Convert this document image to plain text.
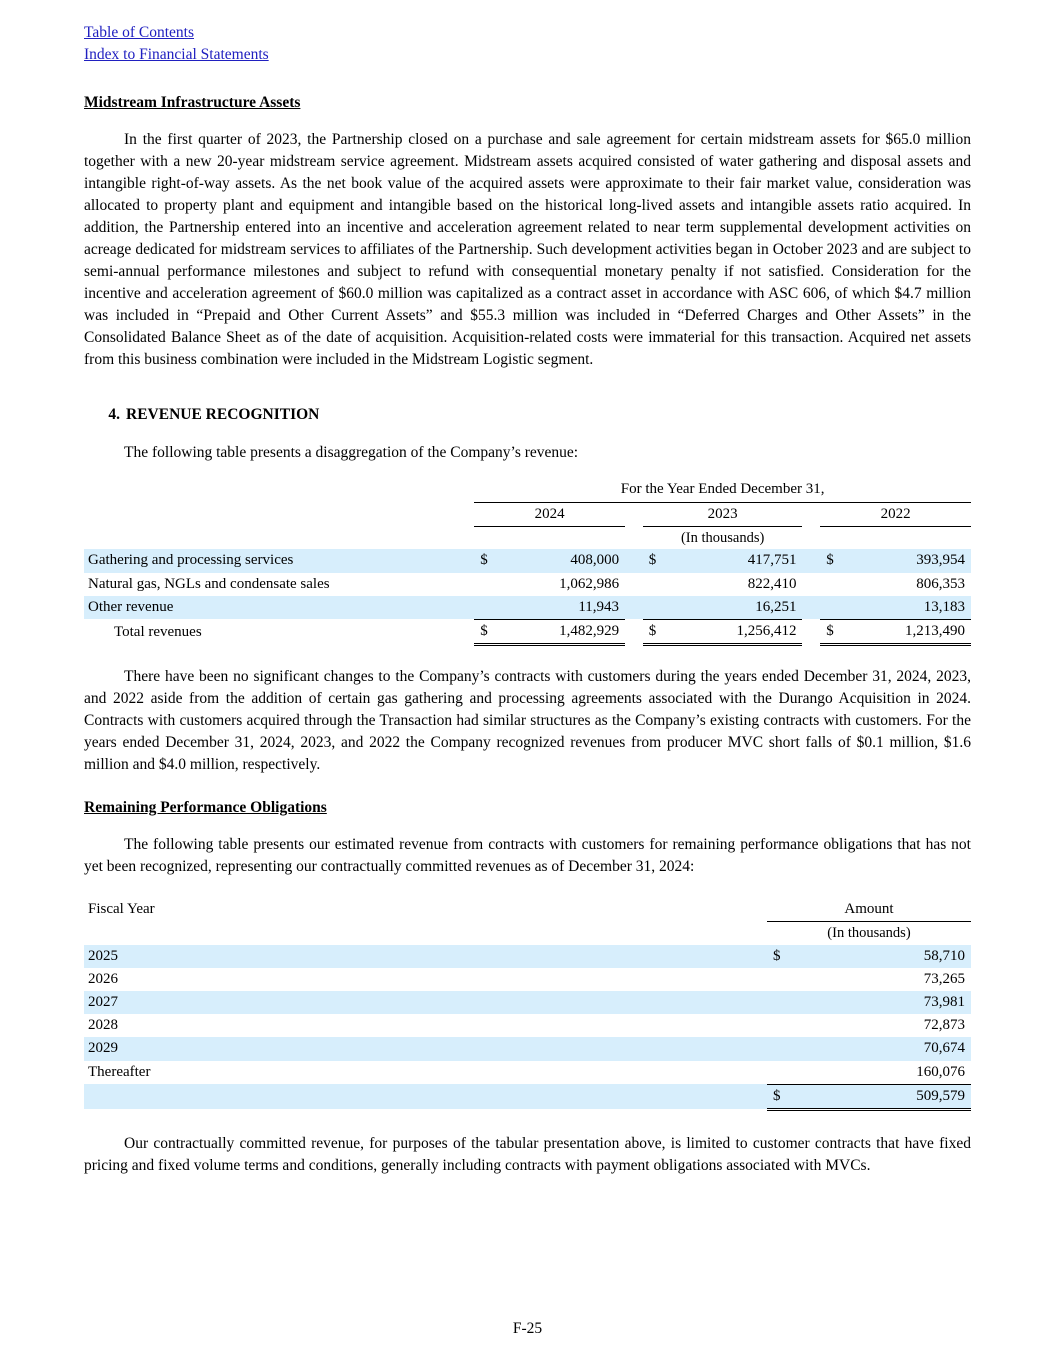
Table of Contents
Index to Financial Statements
Midstream Infrastructure Assets

In the first quarter of 2023, the Partnership closed on a purchase and sale agreement for certain midstream assets for $65.0 million together with a new 20-year midstream service agreement. Midstream assets acquired consisted of water gathering and disposal assets and intangible right-of-way assets. As the net book value of the acquired assets were approximate to their fair market value, consideration was allocated to property plant and equipment and intangible based on the historical long-lived assets and intangible assets ratio acquired. In addition, the Partnership entered into an incentive and acceleration agreement related to near term supplemental development activities on acreage dedicated for midstream services to affiliates of the Partnership. Such development activities began in October 2023 and are subject to semi-annual performance milestones and subject to refund with consequential monetary penalty if not satisfied. Consideration for the incentive and acceleration agreement of $60.0 million was capitalized as a contract asset in accordance with ASC 606, of which $4.7 million was included in “Prepaid and Other Current Assets” and $55.3 million was included in “Deferred Charges and Other Assets” in the Consolidated Balance Sheet as of the date of acquisition. Acquisition-related costs were immaterial for this transaction. Acquired net assets from this business combination were included in the Midstream Logistic segment.

4. REVENUE RECOGNITION

The following table presents a disaggregation of the Company’s revenue:

	For the Year Ended December 31,							
	2024			2023			2022	
	(In thousands)							
Gathering and processing services	$	408,000		$	417,751		$	393,954
Natural gas, NGLs and condensate sales		1,062,986			822,410			806,353
Other revenue		11,943			16,251			13,183
Total revenues	$	1,482,929		$	1,256,412		$	1,213,490

There have been no significant changes to the Company’s contracts with customers during the years ended December 31, 2024, 2023, and 2022 aside from the addition of certain gas gathering and processing agreements associated with the Durango Acquisition in 2024. Contracts with customers acquired through the Transaction had similar structures as the Company’s existing contracts with customers. For the years ended December 31, 2024, 2023, and 2022 the Company recognized revenues from producer MVC short falls of $0.1 million, $1.6 million and $4.0 million, respectively.

Remaining Performance Obligations

The following table presents our estimated revenue from contracts with customers for remaining performance obligations that has not yet been recognized, representing our contractually committed revenues as of December 31, 2024:

Fiscal Year		Amount	
		(In thousands)	
2025		$	58,710
2026			73,265
2027			73,981
2028			72,873
2029			70,674
Thereafter			160,076
		$	509,579

Our contractually committed revenue, for purposes of the tabular presentation above, is limited to customer contracts that have fixed pricing and fixed volume terms and conditions, generally including contracts with payment obligations associated with MVCs.

F-25
